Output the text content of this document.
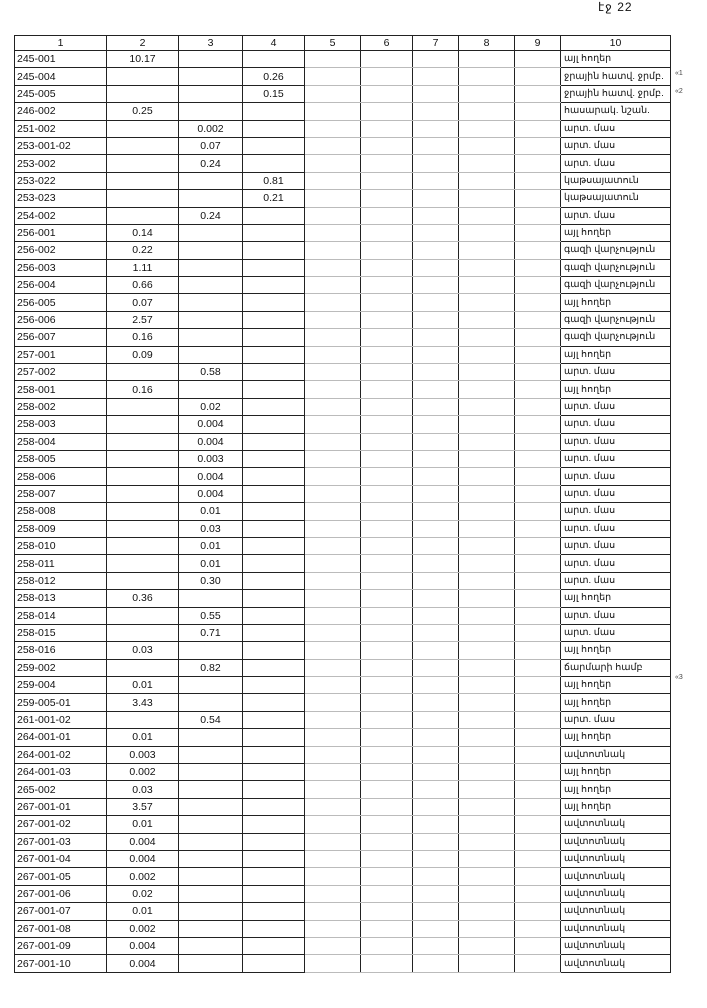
էջ 22
1	2	3	4	5	6	7	8	9	10
245-001	10.17								այլ հողեր
245-004			0.26						ջրային հատվ. ջրմբ.
245-005			0.15						ջրային հատվ. ջրմբ.
246-002	0.25								հասարակ. նշան.
251-002		0.002							արտ. մաս
253-001-02		0.07							արտ. մաս
253-002		0.24							արտ. մաս
253-022			0.81						կաթսայատուն
253-023			0.21						կաթսայատուն
254-002		0.24							արտ. մաս
256-001	0.14								այլ հողեր
256-002	0.22								գազի վարչություն
256-003	1.11								գազի վարչություն
256-004	0.66								գազի վարչություն
256-005	0.07								այլ հողեր
256-006	2.57								գազի վարչություն
256-007	0.16								գազի վարչություն
257-001	0.09								այլ հողեր
257-002		0.58							արտ. մաս
258-001	0.16								այլ հողեր
258-002		0.02							արտ. մաս
258-003		0.004							արտ. մաս
258-004		0.004							արտ. մաս
258-005		0.003							արտ. մաս
258-006		0.004							արտ. մաս
258-007		0.004							արտ. մաս
258-008		0.01							արտ. մաս
258-009		0.03							արտ. մաս
258-010		0.01							արտ. մաս
258-011		0.01							արտ. մաս
258-012		0.30							արտ. մաս
258-013	0.36								այլ հողեր
258-014		0.55							արտ. մաս
258-015		0.71							արտ. մաս
258-016	0.03								այլ հողեր
259-002		0.82							ճարմարի համբ
259-004	0.01								այլ հողեր
259-005-01	3.43								այլ հողեր
261-001-02		0.54							արտ. մաս
264-001-01	0.01								այլ հողեր
264-001-02	0.003								ավտոտնակ
264-001-03	0.002								այլ հողեր
265-002	0.03								այլ հողեր
267-001-01	3.57								այլ հողեր
267-001-02	0.01								ավտոտնակ
267-001-03	0.004								ավտոտնակ
267-001-04	0.004								ավտոտնակ
267-001-05	0.002								ավտոտնակ
267-001-06	0.02								ավտոտնակ
267-001-07	0.01								ավտոտնակ
267-001-08	0.002								ավտոտնակ
267-001-09	0.004								ավտոտնակ
267-001-10	0.004								ավտոտնակ
«1
«2
«3
